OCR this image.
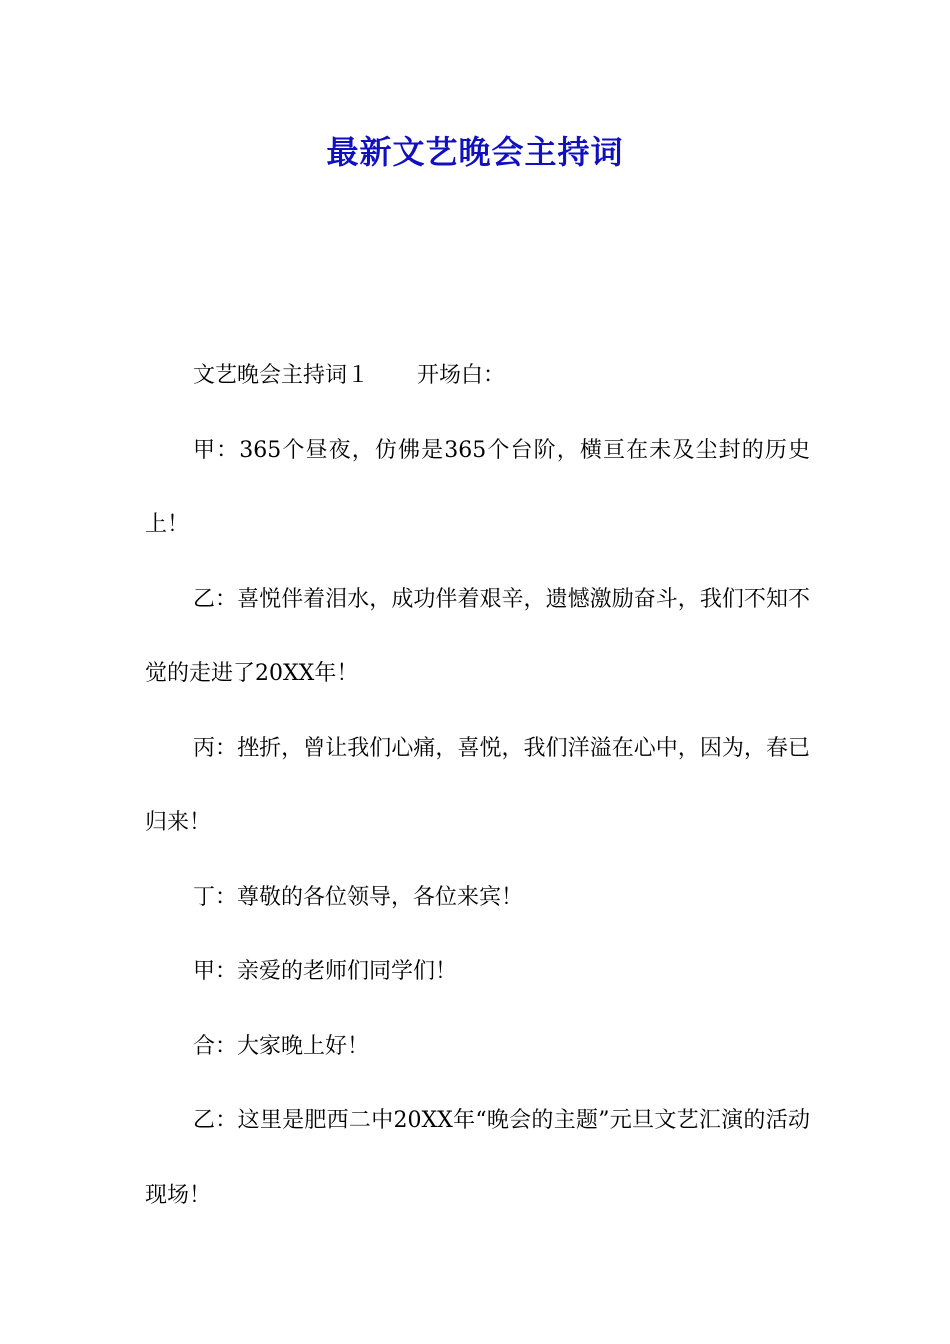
最新文艺晚会主持词

文艺晚会主持词１ 开场白：

甲：365个昼夜，仿佛是365个台阶，横亘在未及尘封的历史上！

乙：喜悦伴着泪水，成功伴着艰辛，遗憾激励奋斗，我们不知不觉的走进了20XX年！

丙：挫折，曾让我们心痛，喜悦，我们洋溢在心中，因为，春已归来！

丁：尊敬的各位领导，各位来宾！

甲：亲爱的老师们同学们！

合：大家晚上好！

乙：这里是肥西二中20XX年“晚会的主题”元旦文艺汇演的活动现场！
